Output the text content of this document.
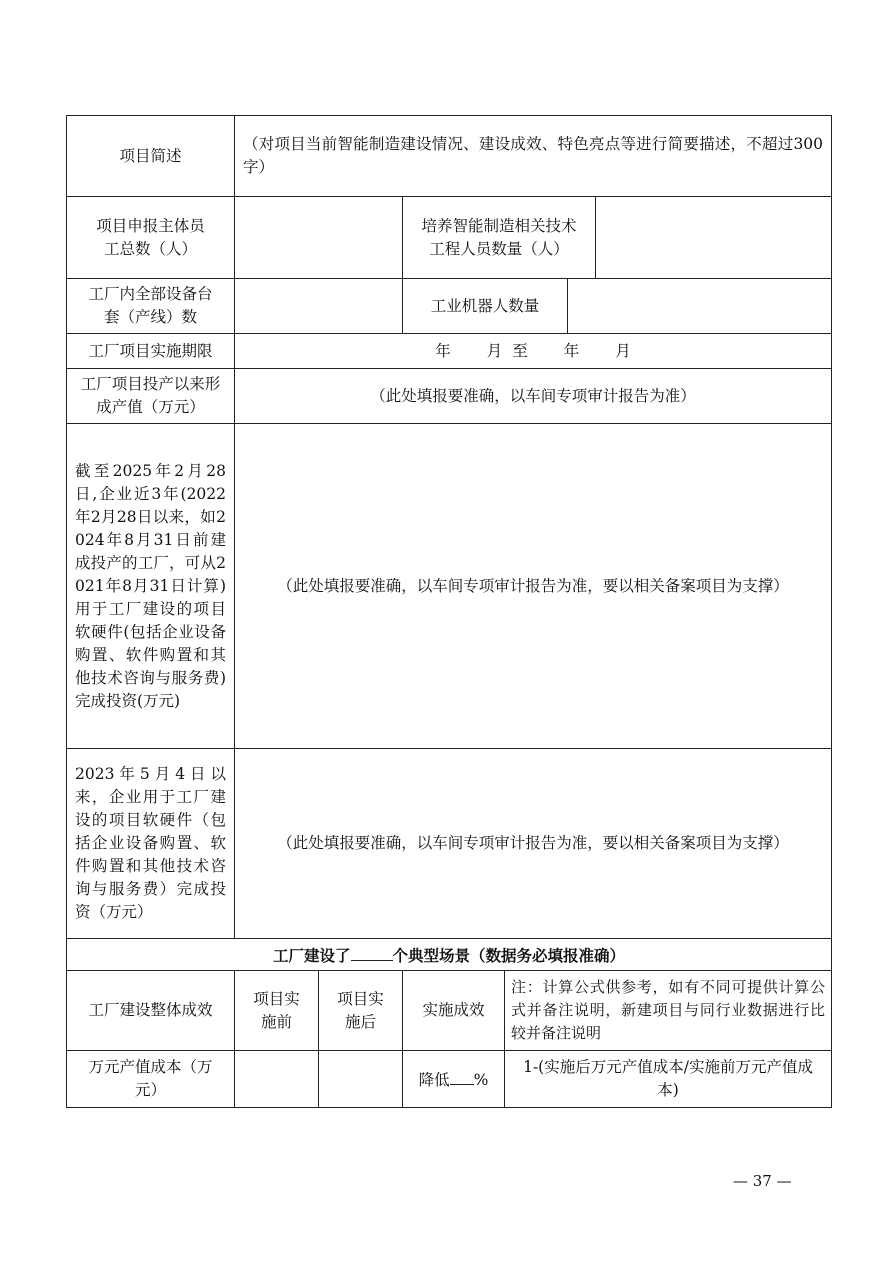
项目简述	（对项目当前智能制造建设情况、建设成效、特色亮点等进行简要描述，不超过300字）			
项目申报主体员工总数（人）			培养智能制造相关技术工程人员数量（人）	

工厂内全部设备台套（产线）数			工业机器人数量	

工厂项目实施期限	年 月 至 年 月			
工厂项目投产以来形成产值（万元）	（此处填报要准确，以车间专项审计报告为准）			
截至2025年2月28日,企业近3年(2022年2月28日以来，如2024年8月31日前建成投产的工厂，可从2021年8月31日计算)用于工厂建设的项目软硬件(包括企业设备购置、软件购置和其他技术咨询与服务费)完成投资(万元)	（此处填报要准确，以车间专项审计报告为准，要以相关备案项目为支撑）			
2023年5月4日以来，企业用于工厂建设的项目软硬件（包括企业设备购置、软件购置和其他技术咨询与服务费）完成投资（万元）	（此处填报要准确，以车间专项审计报告为准，要以相关备案项目为支撑）			
工厂建设了 个典型场景（数据务必填报准确）				
工厂建设整体成效	项目实施前	项目实施后	实施成效	注：计算公式供参考，如有不同可提供计算公式并备注说明，新建项目与同行业数据进行比较并备注说明
万元产值成本（万元）			降低 %	1-(实施后万元产值成本/实施前万元产值成本)
— 37 —
